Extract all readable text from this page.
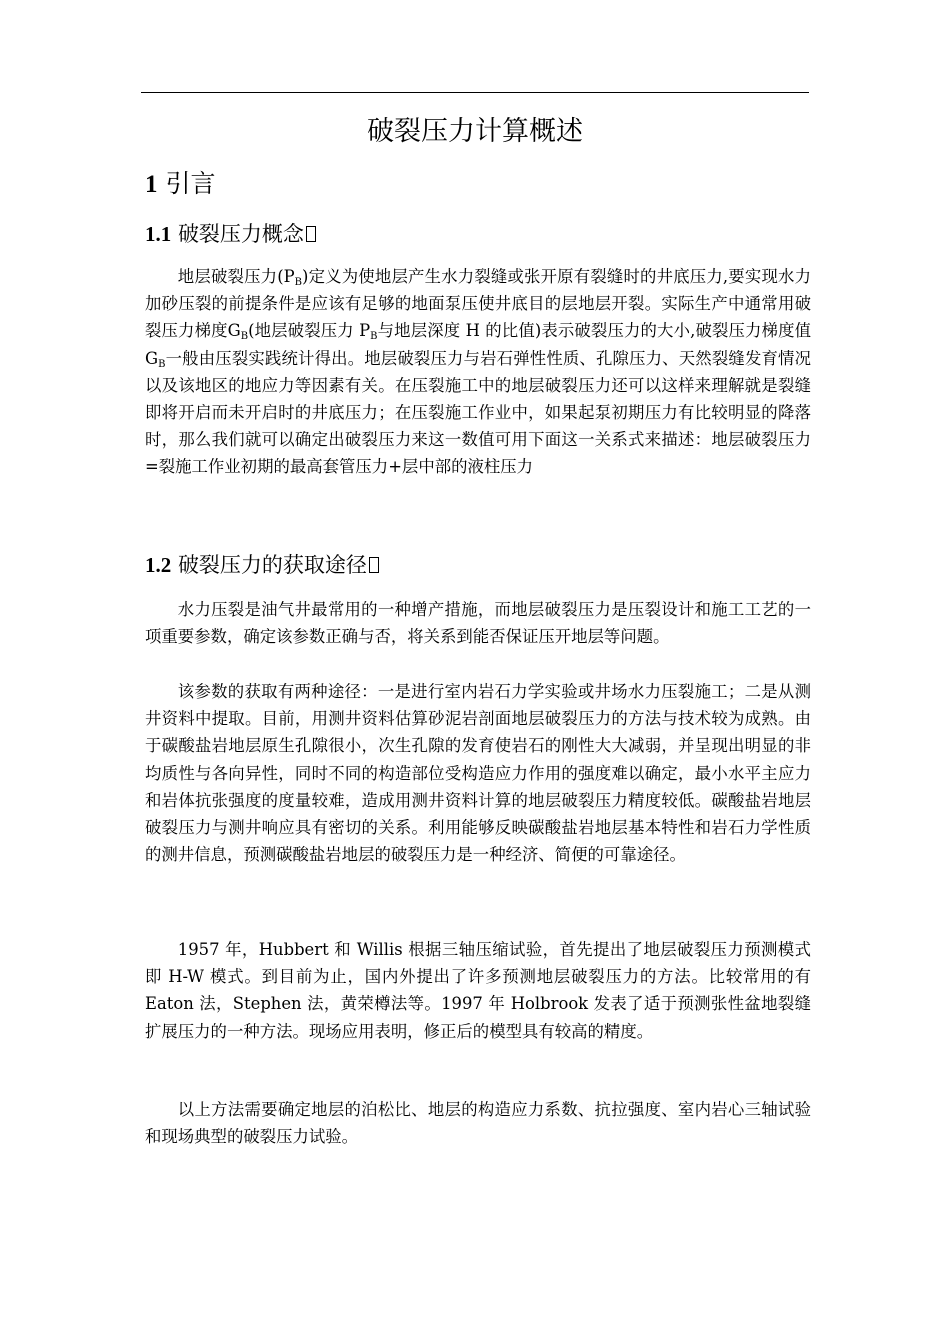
破裂压力计算概述
1 引言
1.1 破裂压力概念

地层破裂压力$(P_B)$定义为使地层产生水力裂缝或张开原有裂缝时的井底压力,要实现水力加砂压裂的前提条件是应该有足够的地面泵压使井底目的层地层开裂。实际生产中通常用破裂压力梯度$G_B$(地层破裂压力 $P_B$与地层深度 H 的比值)表示破裂压力的大小,破裂压力梯度值 $G_B$一般由压裂实践统计得出。地层破裂压力与岩石弹性性质、孔隙压力、天然裂缝发育情况以及该地区的地应力等因素有关。在压裂施工中的地层破裂压力还可以这样来理解就是裂缝即将开启而未开启时的井底压力；在压裂施工作业中，如果起泵初期压力有比较明显的降落时，那么我们就可以确定出破裂压力来这一数值可用下面这一关系式来描述：地层破裂压力=裂施工作业初期的最高套管压力+层中部的液柱压力

1.2 破裂压力的获取途径

水力压裂是油气井最常用的一种增产措施，而地层破裂压力是压裂设计和施工工艺的一项重要参数，确定该参数正确与否，将关系到能否保证压开地层等问题。

该参数的获取有两种途径：一是进行室内岩石力学实验或井场水力压裂施工；二是从测井资料中提取。目前，用测井资料估算砂泥岩剖面地层破裂压力的方法与技术较为成熟。由于碳酸盐岩地层原生孔隙很小，次生孔隙的发育使岩石的刚性大大减弱，并呈现出明显的非均质性与各向异性，同时不同的构造部位受构造应力作用的强度难以确定，最小水平主应力和岩体抗张强度的度量较难，造成用测井资料计算的地层破裂压力精度较低。碳酸盐岩地层破裂压力与测井响应具有密切的关系。利用能够反映碳酸盐岩地层基本特性和岩石力学性质的测井信息，预测碳酸盐岩地层的破裂压力是一种经济、简便的可靠途径。

1957 年，Hubbert 和 Willis 根据三轴压缩试验，首先提出了地层破裂压力预测模式即 H-W 模式。到目前为止，国内外提出了许多预测地层破裂压力的方法。比较常用的有 Eaton 法，Stephen 法，黄荣樽法等。1997 年 Holbrook 发表了适于预测张性盆地裂缝扩展压力的一种方法。现场应用表明，修正后的模型具有较高的精度。

以上方法需要确定地层的泊松比、地层的构造应力系数、抗拉强度、室内岩心三轴试验和现场典型的破裂压力试验。
